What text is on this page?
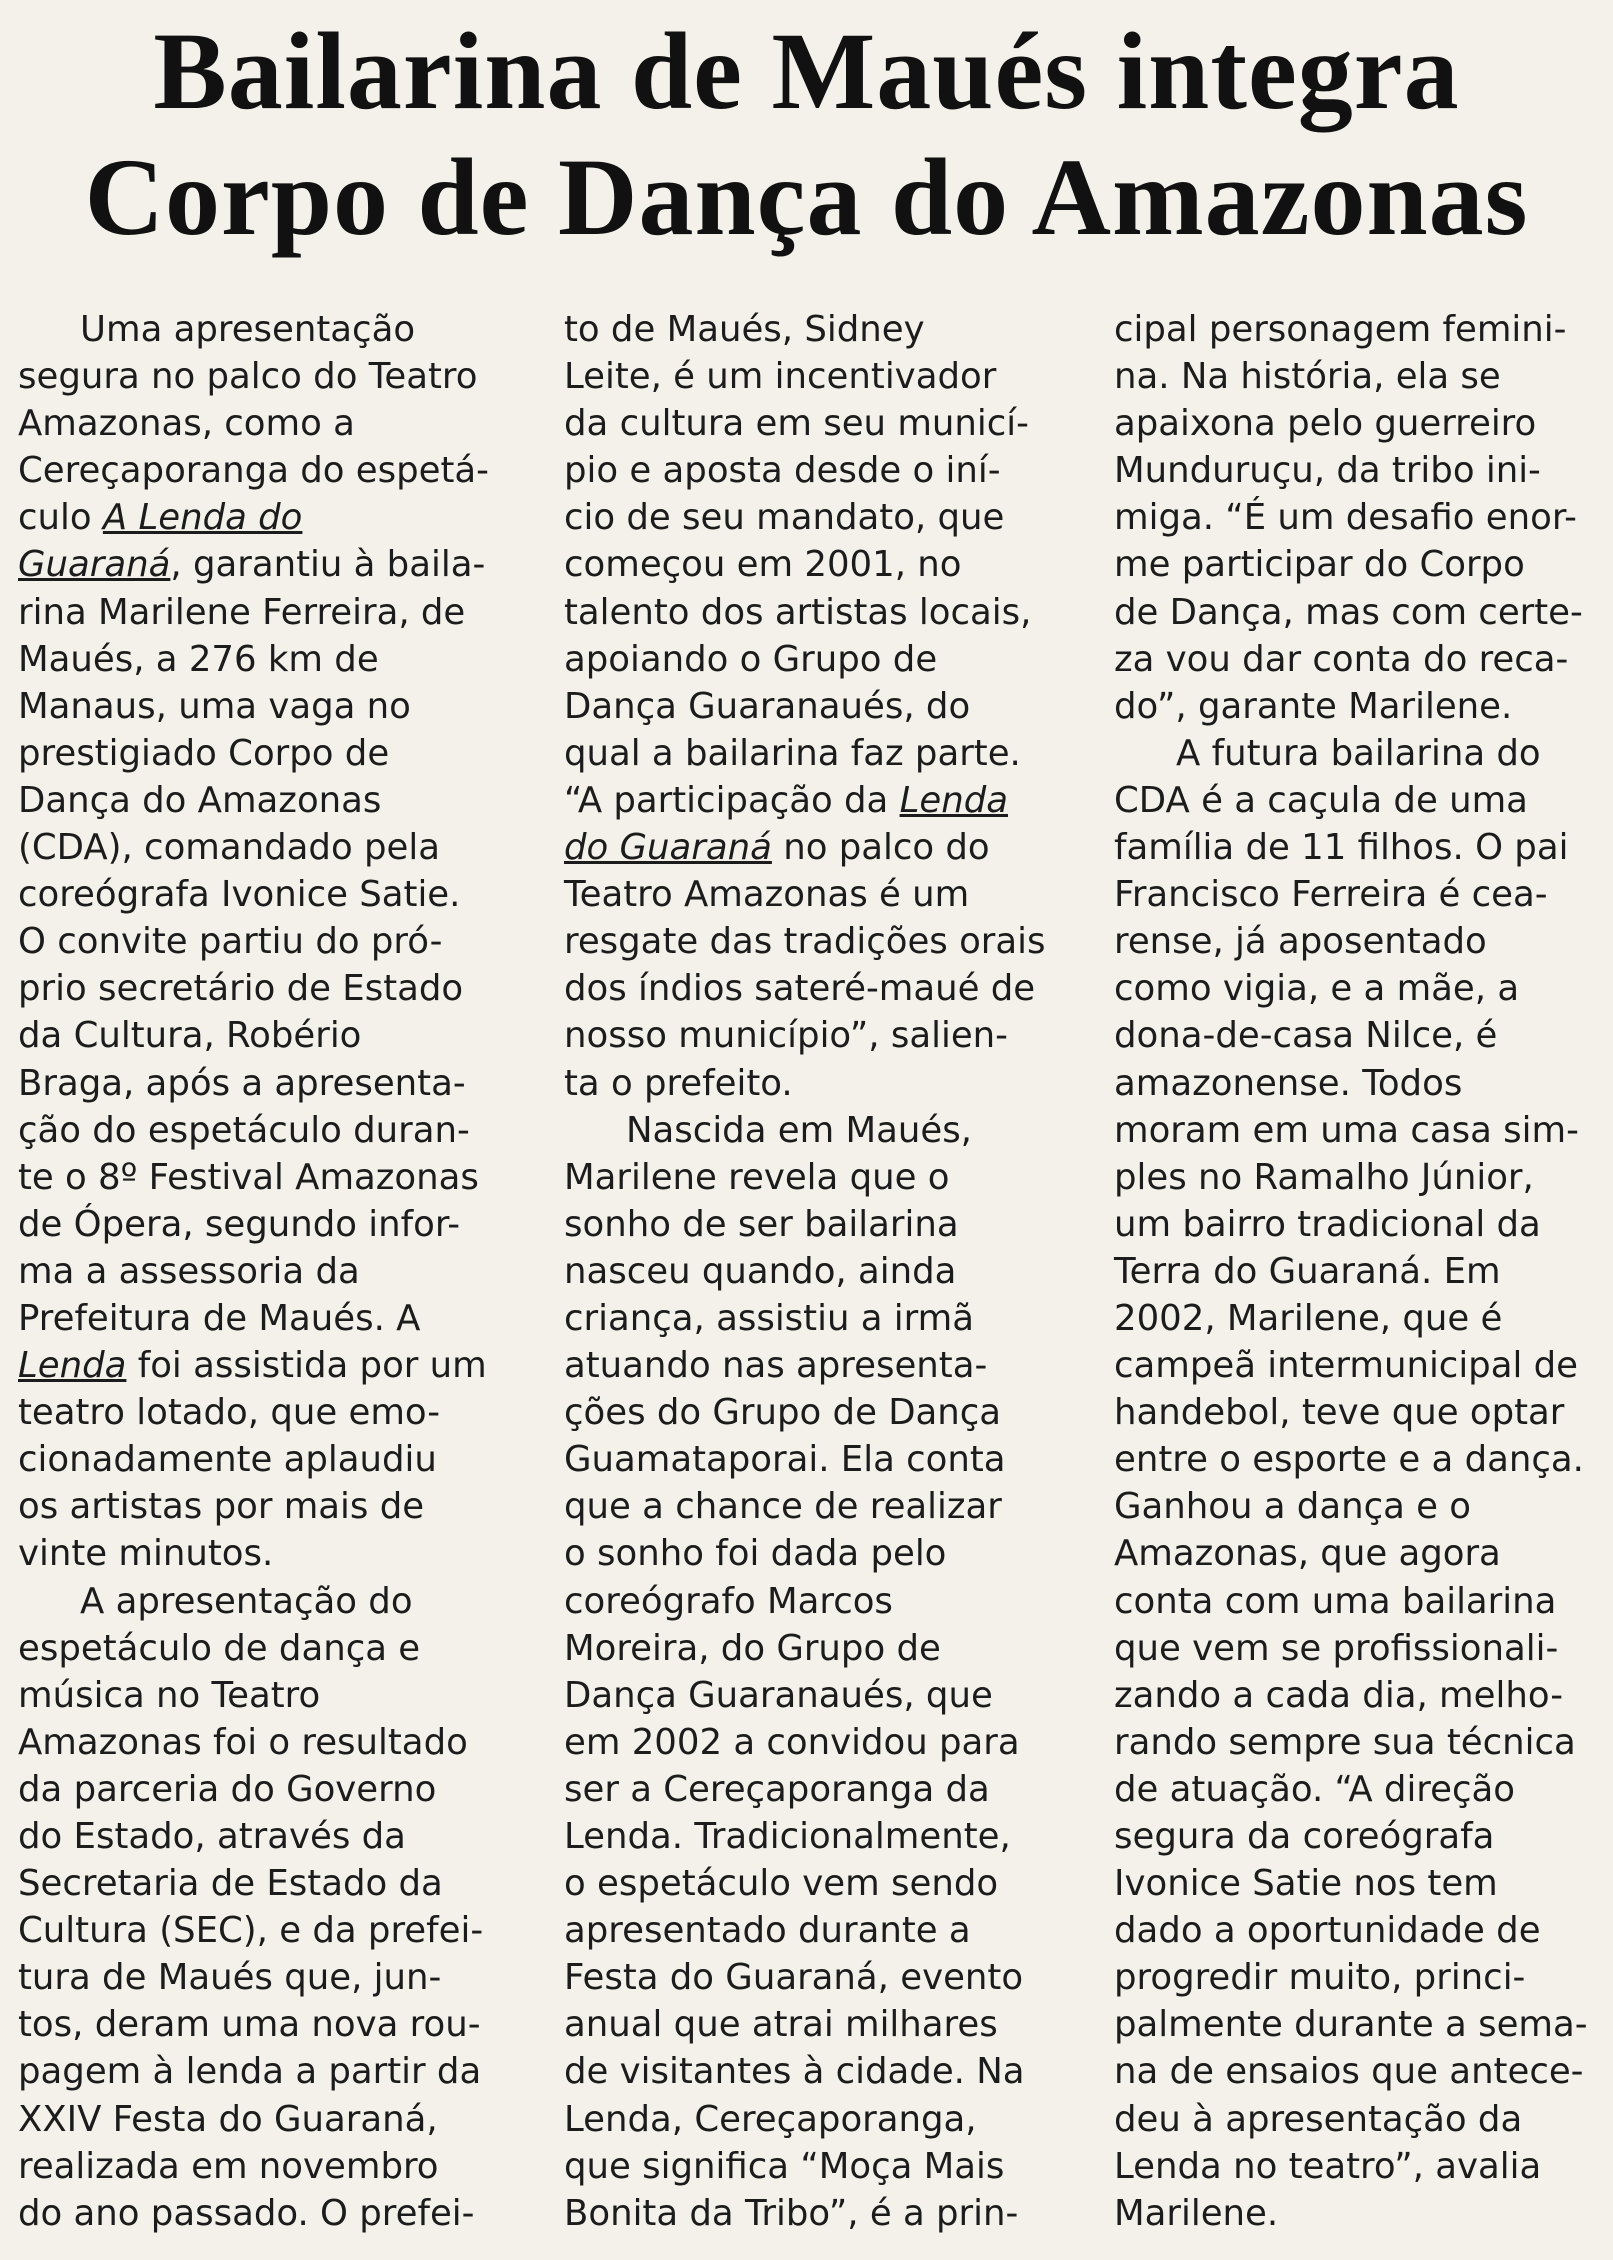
Bailarina de Maués integra
Corpo de Dança do Amazonas
Uma apresentação
segura no palco do Teatro
Amazonas, como a
Cereçaporanga do espetá-
culo A Lenda do
Guaraná, garantiu à baila-
rina Marilene Ferreira, de
Maués, a 276 km de
Manaus, uma vaga no
prestigiado Corpo de
Dança do Amazonas
(CDA), comandado pela
coreógrafa Ivonice Satie.
O convite partiu do pró-
prio secretário de Estado
da Cultura, Robério
Braga, após a apresenta-
ção do espetáculo duran-
te o 8º Festival Amazonas
de Ópera, segundo infor-
ma a assessoria da
Prefeitura de Maués. A
Lenda foi assistida por um
teatro lotado, que emo-
cionadamente aplaudiu
os artistas por mais de
vinte minutos.
A apresentação do
espetáculo de dança e
música no Teatro
Amazonas foi o resultado
da parceria do Governo
do Estado, através da
Secretaria de Estado da
Cultura (SEC), e da prefei-
tura de Maués que, jun-
tos, deram uma nova rou-
pagem à lenda a partir da
XXIV Festa do Guaraná,
realizada em novembro
do ano passado. O prefei-
to de Maués, Sidney
Leite, é um incentivador
da cultura em seu municí-
pio e aposta desde o iní-
cio de seu mandato, que
começou em 2001, no
talento dos artistas locais,
apoiando o Grupo de
Dança Guaranaués, do
qual a bailarina faz parte.
“A participação da Lenda
do Guaraná no palco do
Teatro Amazonas é um
resgate das tradições orais
dos índios sateré-maué de
nosso município”, salien-
ta o prefeito.
Nascida em Maués,
Marilene revela que o
sonho de ser bailarina
nasceu quando, ainda
criança, assistiu a irmã
atuando nas apresenta-
ções do Grupo de Dança
Guamataporai. Ela conta
que a chance de realizar
o sonho foi dada pelo
coreógrafo Marcos
Moreira, do Grupo de
Dança Guaranaués, que
em 2002 a convidou para
ser a Cereçaporanga da
Lenda. Tradicionalmente,
o espetáculo vem sendo
apresentado durante a
Festa do Guaraná, evento
anual que atrai milhares
de visitantes à cidade. Na
Lenda, Cereçaporanga,
que significa “Moça Mais
Bonita da Tribo”, é a prin-
cipal personagem femini-
na. Na história, ela se
apaixona pelo guerreiro
Munduruçu, da tribo ini-
miga. “É um desafio enor-
me participar do Corpo
de Dança, mas com certe-
za vou dar conta do reca-
do”, garante Marilene.
A futura bailarina do
CDA é a caçula de uma
família de 11 filhos. O pai
Francisco Ferreira é cea-
rense, já aposentado
como vigia, e a mãe, a
dona-de-casa Nilce, é
amazonense. Todos
moram em uma casa sim-
ples no Ramalho Júnior,
um bairro tradicional da
Terra do Guaraná. Em
2002, Marilene, que é
campeã intermunicipal de
handebol, teve que optar
entre o esporte e a dança.
Ganhou a dança e o
Amazonas, que agora
conta com uma bailarina
que vem se profissionali-
zando a cada dia, melho-
rando sempre sua técnica
de atuação. “A direção
segura da coreógrafa
Ivonice Satie nos tem
dado a oportunidade de
progredir muito, princi-
palmente durante a sema-
na de ensaios que antece-
deu à apresentação da
Lenda no teatro”, avalia
Marilene.
